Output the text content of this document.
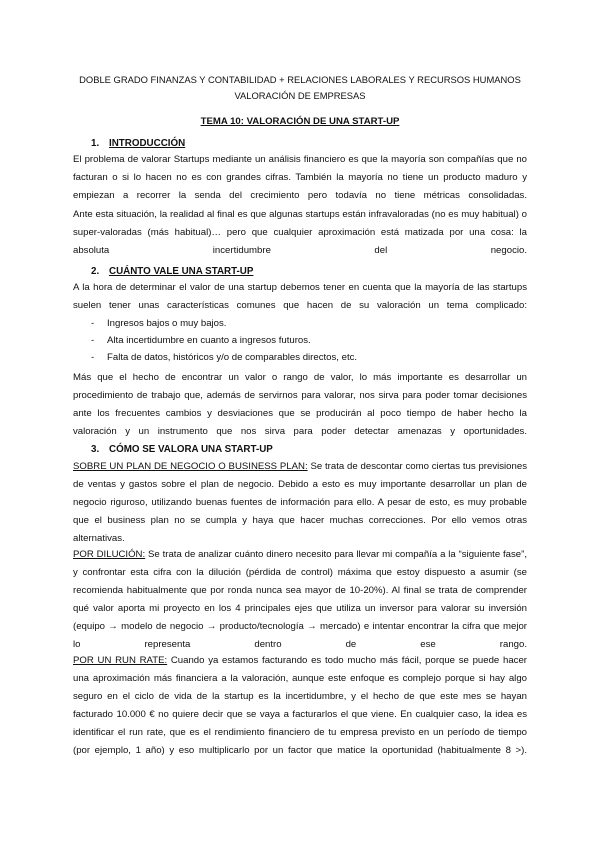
DOBLE GRADO FINANZAS Y CONTABILIDAD + RELACIONES LABORALES Y RECURSOS HUMANOS

VALORACIÓN DE EMPRESAS

TEMA 10: VALORACIÓN DE UNA START-UP

1. INTRODUCCIÓN

El problema de valorar Startups mediante un análisis financiero es que la mayoría son compañías que no facturan o si lo hacen no es con grandes cifras. También la mayoría no tiene un producto maduro y empiezan a recorrer la senda del crecimiento pero todavía no tiene métricas consolidadas.
Ante esta situación, la realidad al final es que algunas startups están infravaloradas (no es muy habitual) o super-valoradas (más habitual)… pero que cualquier aproximación está matizada por una cosa: la absoluta incertidumbre del negocio.

2. CUÁNTO VALE UNA START-UP

A la hora de determinar el valor de una startup debemos tener en cuenta que la mayoría de las startups suelen tener unas características comunes que hacen de su valoración un tema complicado:
- Ingresos bajos o muy bajos.
- Alta incertidumbre en cuanto a ingresos futuros.
- Falta de datos, históricos y/o de comparables directos, etc.
Más que el hecho de encontrar un valor o rango de valor, lo más importante es desarrollar un procedimiento de trabajo que, además de servirnos para valorar, nos sirva para poder tomar decisiones ante los frecuentes cambios y desviaciones que se producirán al poco tiempo de haber hecho la valoración y un instrumento que nos sirva para poder detectar amenazas y oportunidades.

3. CÓMO SE VALORA UNA START-UP

SOBRE UN PLAN DE NEGOCIO O BUSINESS PLAN: Se trata de descontar como ciertas tus previsiones de ventas y gastos sobre el plan de negocio. Debido a esto es muy importante desarrollar un plan de negocio riguroso, utilizando buenas fuentes de información para ello. A pesar de esto, es muy probable que el business plan no se cumpla y haya que hacer muchas correcciones. Por ello vemos otras alternativas.
POR DILUCIÓN: Se trata de analizar cuánto dinero necesito para llevar mi compañía a la “siguiente fase”, y confrontar esta cifra con la dilución (pérdida de control) máxima que estoy dispuesto a asumir (se recomienda habitualmente que por ronda nunca sea mayor de 10-20%). Al final se trata de comprender qué valor aporta mi proyecto en los 4 principales ejes que utiliza un inversor para valorar su inversión (equipo → modelo de negocio → producto/tecnología → mercado) e intentar encontrar la cifra que mejor lo representa dentro de ese rango.
POR UN RUN RATE: Cuando ya estamos facturando es todo mucho más fácil, porque se puede hacer una aproximación más financiera a la valoración, aunque este enfoque es complejo porque si hay algo seguro en el ciclo de vida de la startup es la incertidumbre, y el hecho de que este mes se hayan facturado 10.000 € no quiere decir que se vaya a facturarlos el que viene. En cualquier caso, la idea es identificar el run rate, que es el rendimiento financiero de tu empresa previsto en un período de tiempo (por ejemplo, 1 año) y eso multiplicarlo por un factor que matice la oportunidad (habitualmente 8 >).
